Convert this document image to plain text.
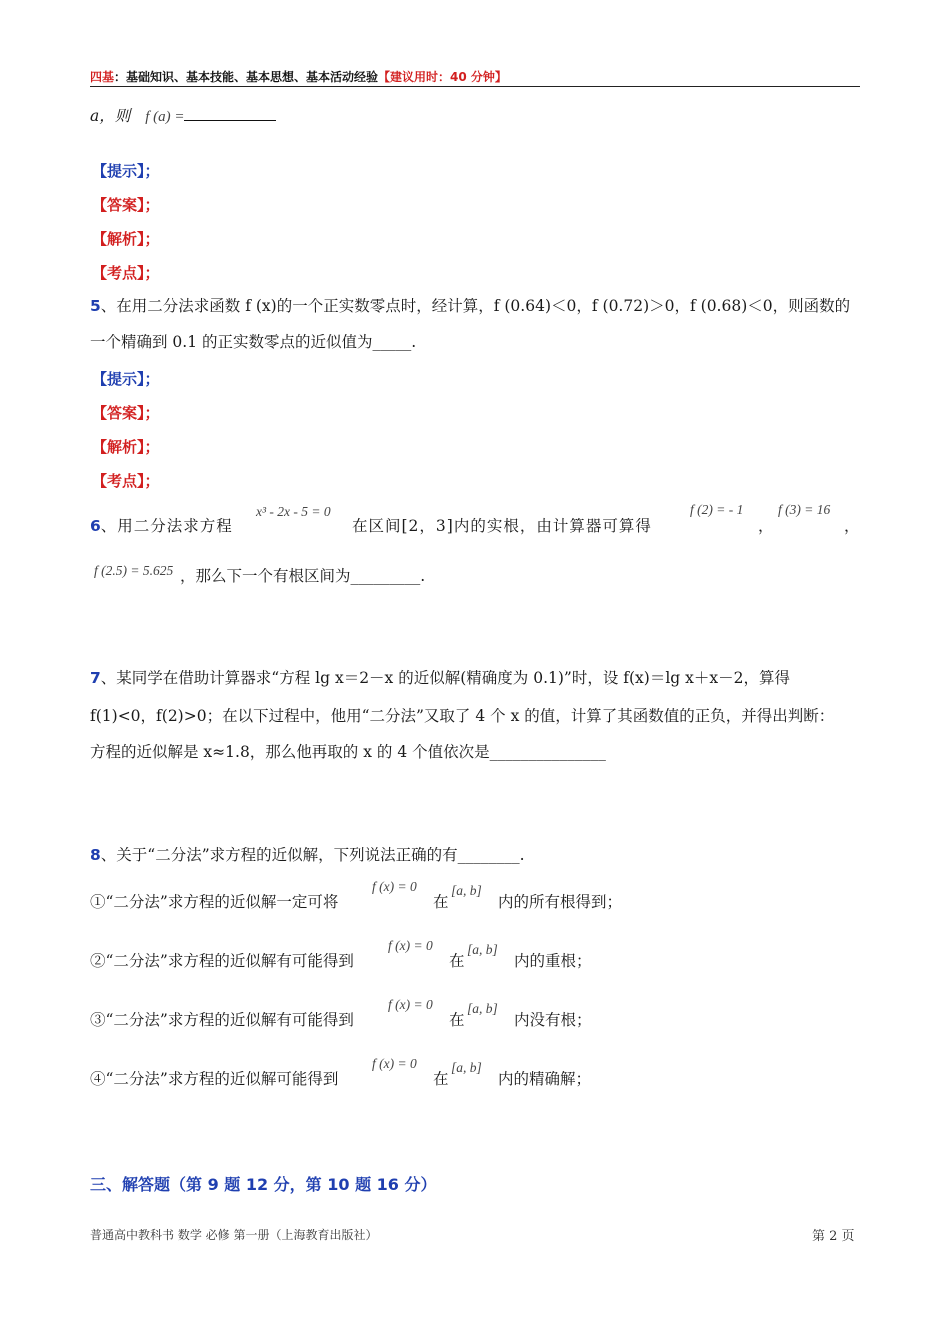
四基：基础知识、基本技能、基本思想、基本活动经验【建议用时：40 分钟】
a，则 f (a) =
【提示】；
【答案】；
【解析】；
【考点】；
5、在用二分法求函数 f (x)的一个正实数零点时，经计算，f (0.64)＜0，f (0.72)＞0，f (0.68)＜0，则函数的
一个精确到 0.1 的正实数零点的近似值为_____.
【提示】；
【答案】；
【解析】；
【考点】；
6、用二分法求方程
x³ - 2x - 5 = 0
在区间[2，3]内的实根，由计算器可算得
f (2) = - 1
，
f (3) = 16
，
f (2.5) = 5.625 ，那么下一个有根区间为_________.
7、某同学在借助计算器求“方程 lg x＝2－x 的近似解(精确度为 0.1)”时，设 f(x)＝lg x＋x－2，算得
f(1)<0，f(2)>0；在以下过程中，他用“二分法”又取了 4 个 x 的值，计算了其函数值的正负，并得出判断：
方程的近似解是 x≈1.8，那么他再取的 x 的 4 个值依次是_______________
8、关于“二分法”求方程的近似解，下列说法正确的有________.
①“二分法”求方程的近似解一定可将
f (x) = 0
在
[a, b]
内的所有根得到；
②“二分法”求方程的近似解有可能得到
f (x) = 0
在
[a, b]
内的重根；
③“二分法”求方程的近似解有可能得到
f (x) = 0
在
[a, b]
内没有根；
④“二分法”求方程的近似解可能得到
f (x) = 0
在
[a, b]
内的精确解；
三、解答题（第 9 题 12 分，第 10 题 16 分）
普通高中教科书 数学 必修 第一册（上海教育出版社）	第 2 页
